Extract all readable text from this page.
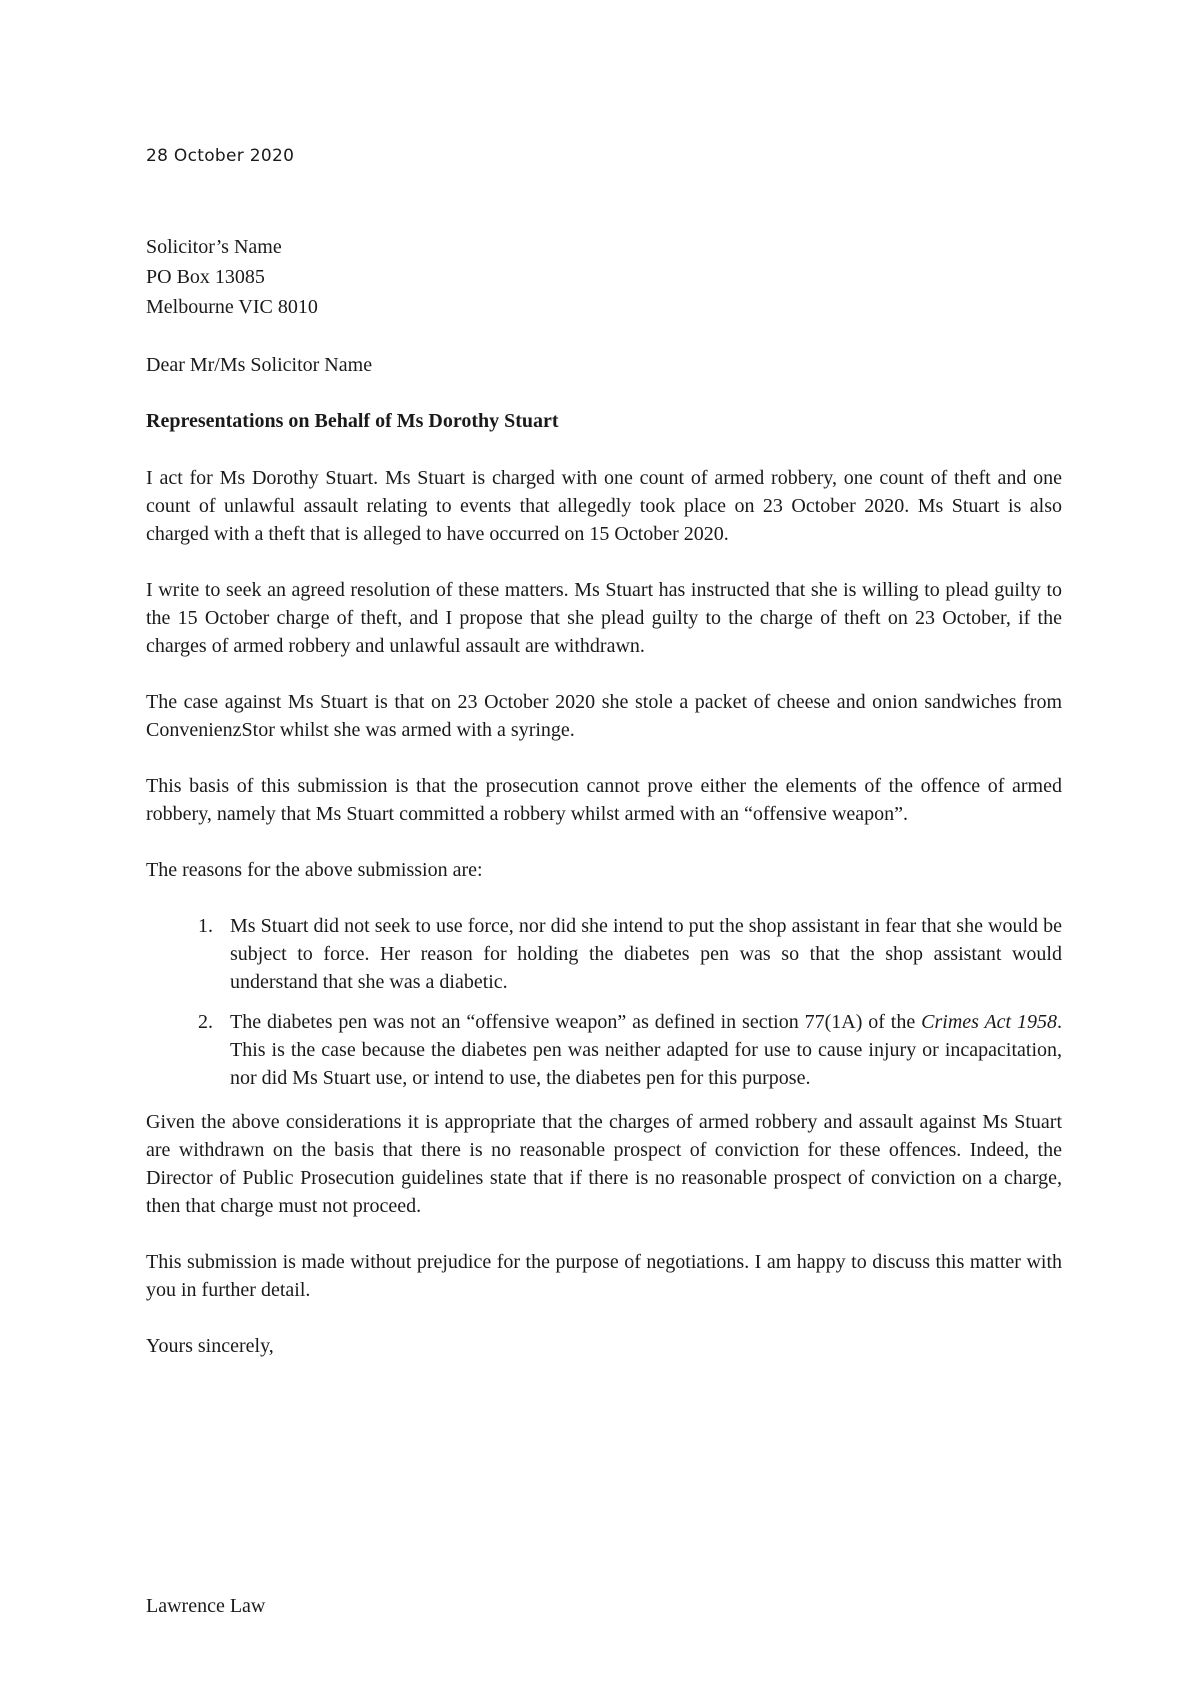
28 October 2020
Solicitor’s Name
PO Box 13085
Melbourne VIC 8010
Dear Mr/Ms Solicitor Name
Representations on Behalf of Ms Dorothy Stuart

I act for Ms Dorothy Stuart. Ms Stuart is charged with one count of armed robbery, one count of theft and one count of unlawful assault relating to events that allegedly took place on 23 October 2020. Ms Stuart is also charged with a theft that is alleged to have occurred on 15 October 2020.

I write to seek an agreed resolution of these matters. Ms Stuart has instructed that she is willing to plead guilty to the 15 October charge of theft, and I propose that she plead guilty to the charge of theft on 23 October, if the charges of armed robbery and unlawful assault are withdrawn.

The case against Ms Stuart is that on 23 October 2020 she stole a packet of cheese and onion sandwiches from ConvenienzStor whilst she was armed with a syringe.

This basis of this submission is that the prosecution cannot prove either the elements of the offence of armed robbery, namely that Ms Stuart committed a robbery whilst armed with an “offensive weapon”.

The reasons for the above submission are:

1. Ms Stuart did not seek to use force, nor did she intend to put the shop assistant in fear that she would be subject to force. Her reason for holding the diabetes pen was so that the shop assistant would understand that she was a diabetic.
2. The diabetes pen was not an “offensive weapon” as defined in section 77(1A) of the Crimes Act 1958. This is the case because the diabetes pen was neither adapted for use to cause injury or incapacitation, nor did Ms Stuart use, or intend to use, the diabetes pen for this purpose.

Given the above considerations it is appropriate that the charges of armed robbery and assault against Ms Stuart are withdrawn on the basis that there is no reasonable prospect of conviction for these offences. Indeed, the Director of Public Prosecution guidelines state that if there is no reasonable prospect of conviction on a charge, then that charge must not proceed.

This submission is made without prejudice for the purpose of negotiations. I am happy to discuss this matter with you in further detail.

Yours sincerely,

Lawrence Law
